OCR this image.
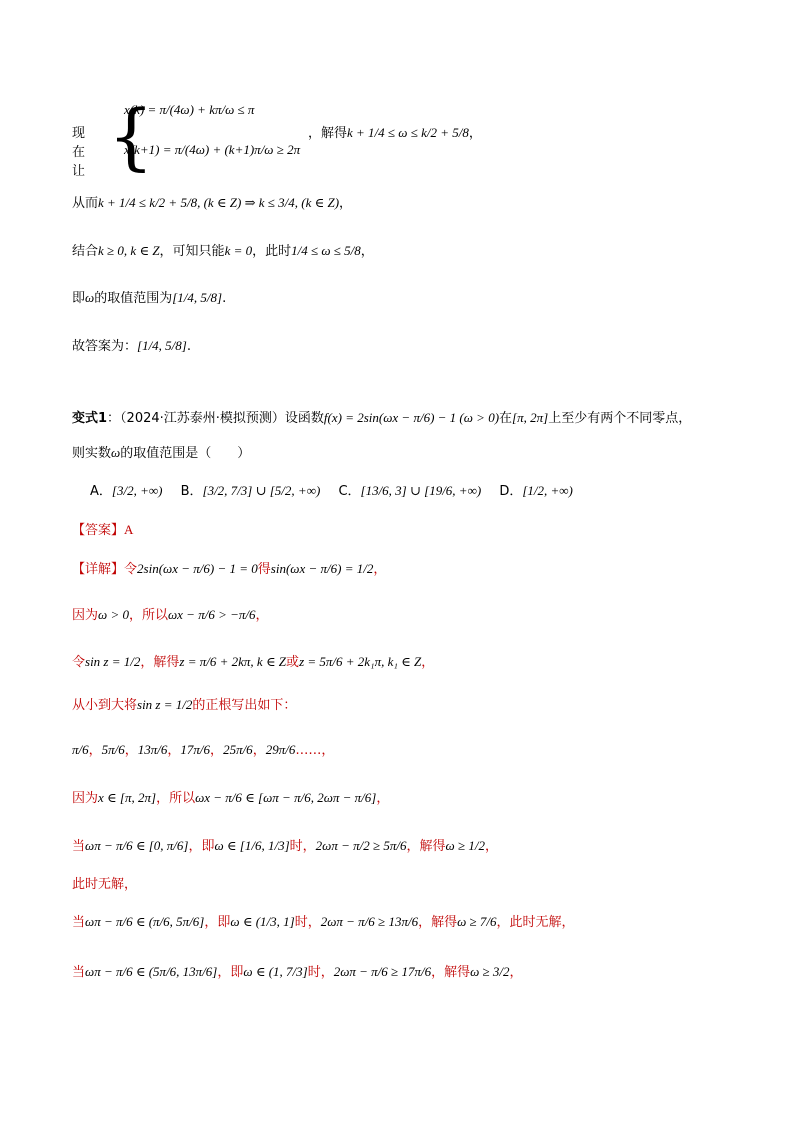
现在让 {
x(k) = π/(4ω) + kπ/ω ≤ π
x(k+1) = π/(4ω) + (k+1)π/ω ≥ 2π
，解得k + 1/4 ≤ ω ≤ k/2 + 5/8，
从而k + 1/4 ≤ k/2 + 5/8, (k ∈ Z) ⇒ k ≤ 3/4, (k ∈ Z)，
结合k ≥ 0, k ∈ Z，可知只能k = 0，此时1/4 ≤ ω ≤ 5/8，
即ω的取值范围为[1/4, 5/8].
故答案为：[1/4, 5/8].
变式1：（2024·江苏泰州·模拟预测）设函数f(x) = 2sin(ωx − π/6) − 1 (ω > 0)在[π, 2π]上至少有两个不同零点，
则实数ω的取值范围是（　　）
A．[3/2, +∞) B．[3/2, 7/3] ∪ [5/2, +∞) C．[13/6, 3] ∪ [19/6, +∞) D．[1/2, +∞)
【答案】A
【详解】令2sin(ωx − π/6) − 1 = 0得sin(ωx − π/6) = 1/2，
因为ω > 0，所以ωx − π/6 > −π/6，
令sin z = 1/2，解得z = π/6 + 2kπ, k ∈ Z或z = 5π/6 + 2k₁π, k₁ ∈ Z，
从小到大将sin z = 1/2的正根写出如下：
π/6，5π/6，13π/6，17π/6，25π/6，29π/6……，
因为x ∈ [π, 2π]，所以ωx − π/6 ∈ [ωπ − π/6, 2ωπ − π/6]，
当ωπ − π/6 ∈ [0, π/6]，即ω ∈ [1/6, 1/3]时，2ωπ − π/2 ≥ 5π/6，解得ω ≥ 1/2，
此时无解，
当ωπ − π/6 ∈ (π/6, 5π/6]，即ω ∈ (1/3, 1]时，2ωπ − π/6 ≥ 13π/6，解得ω ≥ 7/6，此时无解，
当ωπ − π/6 ∈ (5π/6, 13π/6]，即ω ∈ (1, 7/3]时，2ωπ − π/6 ≥ 17π/6，解得ω ≥ 3/2，
